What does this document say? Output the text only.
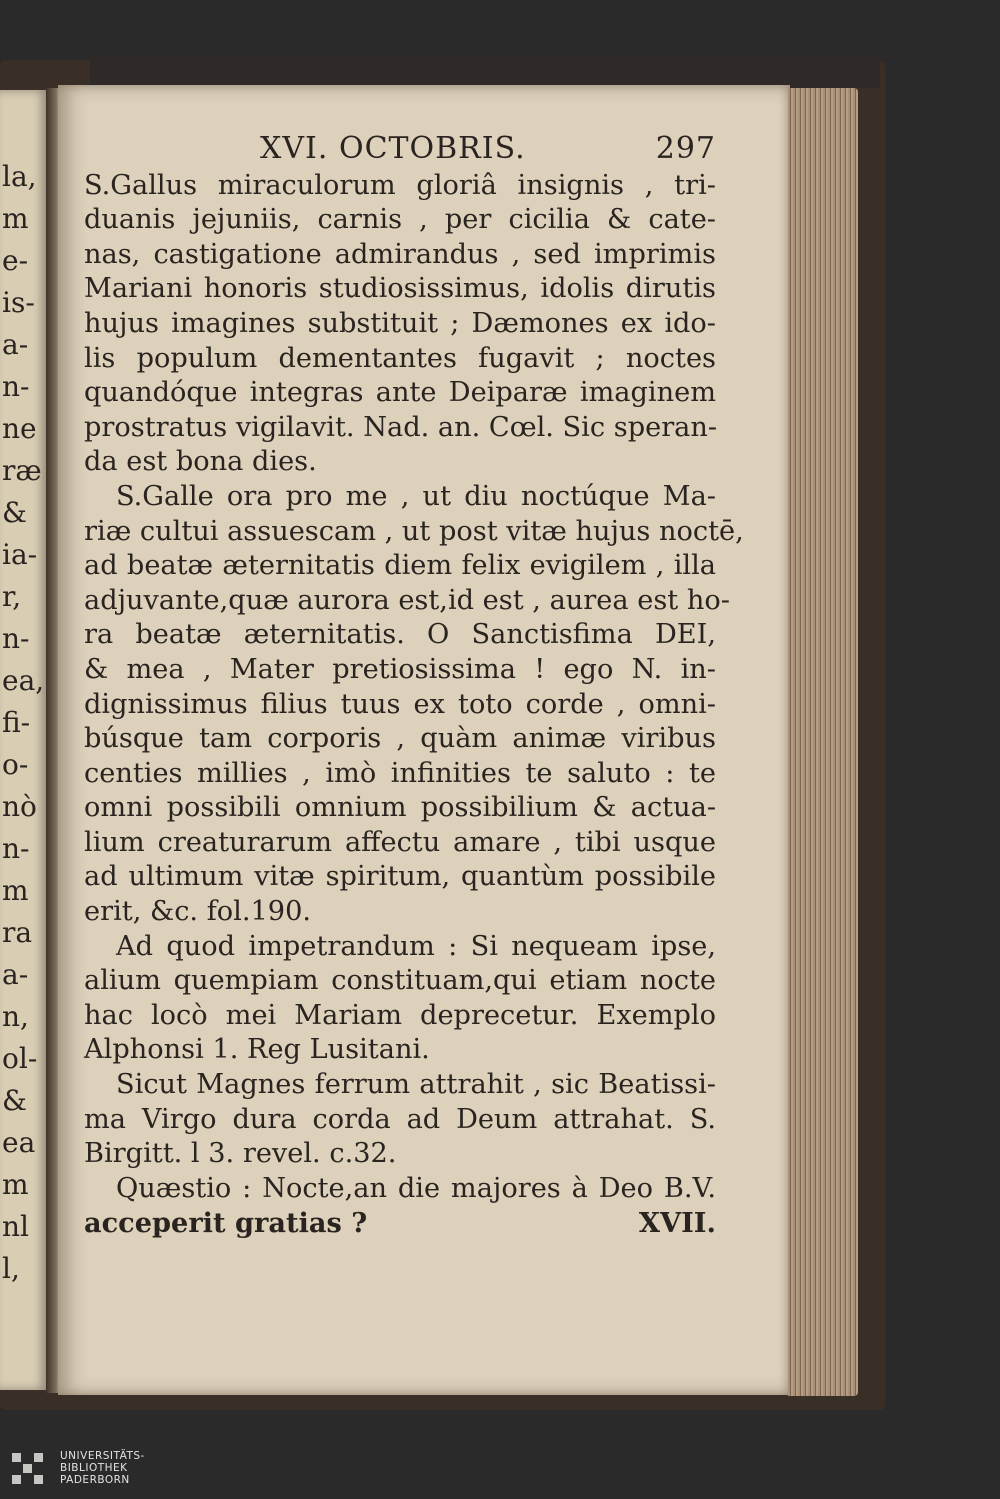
la,
m
e-
is-
a-
n-
ne
ræ
&
ia-
r,
n-
ea,
fi-
o-
nò
n-
m
ra
a-
n,
ol-
&
ea
m
nl
l,
XVI. OCTOBRIS.	297
S.Gallus miraculorum gloriâ insignis , tri-
duanis jejuniis, carnis , per cicilia & cate-
nas, castigatione admirandus , sed imprimis
Mariani honoris studiosissimus, idolis dirutis
hujus imagines substituit ; Dæmones ex ido-
lis populum dementantes fugavit ; noctes
quandóque integras ante Deiparæ imaginem
prostratus vigilavit. Nad. an. Cœl. Sic speran-
da est bona dies.
S.Galle ora pro me , ut diu noctúque Ma-
riæ cultui assuescam , ut post vitæ hujus noctē,
ad beatæ æternitatis diem felix evigilem , illa
adjuvante,quæ aurora est,id est , aurea est ho-
ra beatæ æternitatis. O Sanctisfima DEI,
& mea , Mater pretiosissima ! ego N. in-
dignissimus filius tuus ex toto corde , omni-
búsque tam corporis , quàm animæ viribus
centies millies , imò infinities te saluto : te
omni possibili omnium possibilium & actua-
lium creaturarum affectu amare , tibi usque
ad ultimum vitæ spiritum, quantùm possibile
erit, &c. fol.190.
Ad quod impetrandum : Si nequeam ipse,
alium quempiam constituam,qui etiam nocte
hac locò mei Mariam deprecetur. Exemplo
Alphonsi 1. Reg Lusitani.
Sicut Magnes ferrum attrahit , sic Beatissi-
ma Virgo dura corda ad Deum attrahat. S.
Birgitt. l 3. revel. c.32.
Quæstio : Nocte,an die majores à Deo B.V.
acceperit gratias ?	XVII.
UNIVERSITÄTS-
BIBLIOTHEK
PADERBORN
